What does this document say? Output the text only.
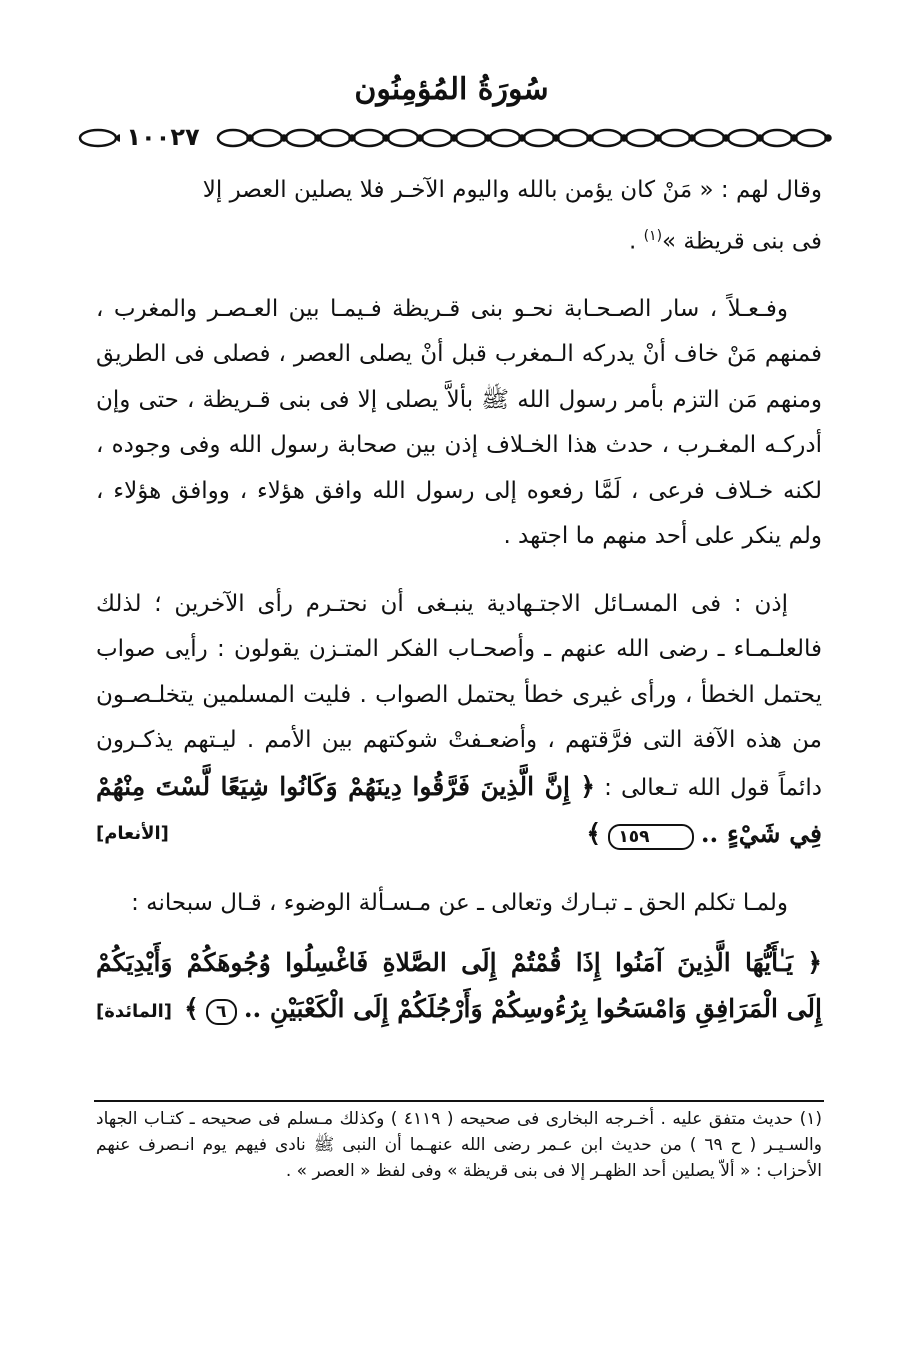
سُورَةُ المُؤمِنُون
١٠٠٢٧

وقال لهم : « مَنْ كان يؤمن بالله واليوم الآخـر فلا يصلين العصر إلا
فى بنى قريظة »$^{(١)}$ .

وفـعـلاً ، سار الصـحـابة نحـو بنى قـريظة فـيمـا بين العـصـر والمغرب ، فمنهم مَنْ خاف أنْ يدركه الـمغرب قبل أنْ يصلى العصر ، فصلى فى الطريق ومنهم مَن التزم بأمر رسول الله ﷺ بألاَّ يصلى إلا فى بنى قـريظة ، حتى وإن أدركـه المغـرب ، حدث هذا الخـلاف إذن بين صحابة رسول الله وفى وجوده ، لكنه خـلاف فرعى ، لَمَّا رفعوه إلى رسول الله وافق هؤلاء ، ووافق هؤلاء ، ولم ينكر على أحد منهم ما اجتهد .

إذن : فى المسـائل الاجتـهادية ينبـغى أن نحتـرم رأى الآخرين ؛ لذلك فالعلـمـاء ـ رضى الله عنهم ـ وأصحـاب الفكر المتـزن يقولون : رأيى صواب يحتمل الخطأ ، ورأى غيرى خطأ يحتمل الصواب . فليت المسلمين يتخلـصـون من هذه الآفة التى فرَّقتهم ، وأضعـفتْ شوكتهم بين الأمم . ليـتهم يذكـرون دائماً قول الله تـعالى : ﴿ إِنَّ الَّذِينَ فَرَّقُوا دِينَهُمْ وَكَانُوا شِيَعًا لَّسْتَ مِنْهُمْ فِي شَيْءٍ .. ١٥٩ ﴾
[الأنعام]

ولمـا تكلم الحق ـ تبـارك وتعالى ـ عن مـسـألة الوضوء ، قـال سبحانه :

﴿ يَـٰأَيُّهَا الَّذِينَ آمَنُوا إِذَا قُمْتُمْ إِلَى الصَّلاةِ فَاغْسِلُوا وُجُوهَكُمْ وَأَيْدِيَكُمْ
إِلَى الْمَرَافِقِ وَامْسَحُوا بِرُءُوسِكُمْ وَأَرْجُلَكُمْ إِلَى الْكَعْبَيْنِ .. ٦ ﴾
[المائدة]

(١) حديث متفق عليه . أخـرجه البخارى فى صحيحه ( ٤١١٩ ) وكذلك مـسلم فى صحيحه ـ كتـاب الجهاد والسـيـر ( ح ٦٩ ) من حديث ابن عـمر رضى الله عنهـما أن النبى ﷺ نادى فيهم يوم انـصرف عنهم الأحزاب : « ألاّ يصلين أحد الظهـر إلا فى بنى قريظة » وفى لفظ « العصر » .
